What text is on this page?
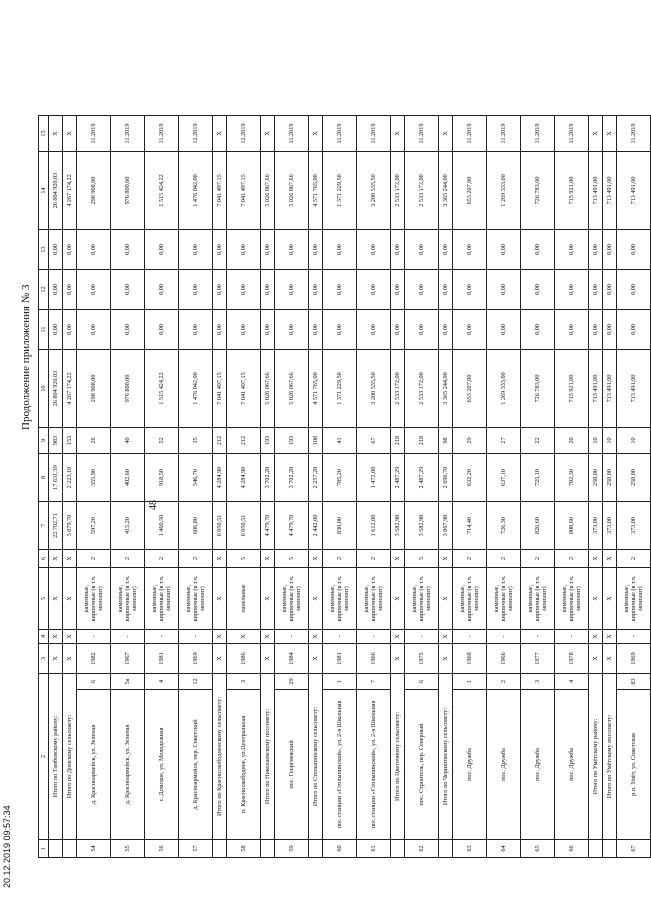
Продолжение приложения № 3
48
1	2		3	4	5	6	7	8	9	10	11	12	13	14	15
	Итого по Тамбовскому району:		X	X	X	X	22 702,71	17 631,39	983	26 804 920,03	0,00	0,00	0,00	26 804 920,03	X
	Итого по Домскому сельсовету:		X	X	X	X	3 079,70	2 223,10	153	4 267 174,22	0,00	0,00	0,00	4 267 174,22	X
54	д. Красноармейск, ул. Зеленая	6	1982	-	каменные, кирпичные (в т.ч. монолит)	2	597,20	355,90	26	298 908,00	0,00	0,00	0,00	298 908,00	11.2019
55	д. Красноармейск, ул. Зеленая	5а	1967	-	каменные, кирпичные (в т.ч. монолит)	2	415,20	402,60	40	976 800,00	0,00	0,00	0,00	976 800,00	11.2019
56	с. Домское, ул. Молодежная	4	1981	-	каменные, кирпичные (в т.ч. монолит)	2	1 460,50	918,50	52	1 515 424,22	0,00	0,00	0,00	1 515 424,22	11.2019
57	д. Красноармейск, пер. Советский	12	1969	-	каменные, кирпичные (в т.ч. монолит)	2	606,80	546,70	35	1 476 042,00	0,00	0,00	0,00	1 476 042,00	12.2019
	Итого по Красносвободненскому сельсовету:		X	X	X	X	6 050,51	4 284,90	212	7 041 497,15	0,00	0,00	0,00	7 041 497,15	X
58	п. Красносвободное, ул.Центральная	3	1986	X	панельные	5	6 050,51	4 284,90	212	7 041 497,15	0,00	0,00	0,00	7 041 497,15	12.2019
	Итого по Николаевскому поссовету:		X	X	X	X	4 479,70	3 702,20	193	5 026 067,66	0,00	0,00	0,00	5 026 067,66	X
59	пос. Георгиевский	29	1984	-	каменные, кирпичные (в т.ч. монолит)	5	4 479,70	3 702,20	193	5 026 067,66	0,00	0,00	0,00	5 026 067,66	11.2019
	Итого по Столыпинскому сельсовету:		X	X	X	X	2 442,00	2 257,20	108	4 571 765,00	0,00	0,00	0,00	4 571 765,00	X
60	пос.станции «Столыпинский», ул. 2-я Школьная	1	1981	-	каменные, кирпичные (в т.ч. монолит)	2	830,00	785,20	41	1 371 229,50	0,00	0,00	0,00	1 371 229,50	11.2019
61	пос.станции «Столыпинский», ул. 2-я Школьная	7	1966	-	каменные, кирпичные (в т.ч. монолит)	2	1 612,00	1 472,00	67	3 200 535,50	0,00	0,00	0,00	3 200 535,50	11.2019
	Итого по Цветочному сельсовету:		X	X	X	X	3 582,90	2 487,29	218	2 533 172,00	0,00	0,00	0,00	2 533 172,00	X
62	пос. Строитель, пер. Северный	6	1975	-	каменные, кирпичные (в т.ч. монолит)	5	3 582,90	2 487,29	218	2 533 172,00	0,00	0,00	0,00	2 533 172,00	11.2019
	Итого по Черниговскому сельсовету:		X	X	X	X	3 067,90	2 696,70	98	3 365 244,00	0,00	0,00	0,00	3 365 244,00	X
63	пос. Дружба	1	1968	-	каменные, кирпичные (в т.ч. монолит)	2	714,40	632,20	29	653 207,00	0,00	0,00	0,00	653 207,00	11.2019
64	пос. Дружба	2	1966	-	каменные, кирпичные (в т.ч. монолит)	2	726,30	637,10	27	1 269 333,00	0,00	0,00	0,00	1 269 333,00	11.2019
65	пос. Дружба	3	1977	-	каменные, кирпичные (в т.ч. монолит)	2	826,60	725,10	22	726 783,00	0,00	0,00	0,00	726 783,00	11.2019
66	пос. Дружба	4	1978	-	каменные, кирпичные (в т.ч. монолит)	2	800,60	702,30	20	715 921,00	0,00	0,00	0,00	715 921,00	11.2019
	Итого по Умётскому району:		X	X	X	X	373,00	258,00	10	713 491,00	0,00	0,00	0,00	713 491,00	X
	Итого по Умётскому поссовету:		X	X	X	X	373,00	258,00	10	713 491,00	0,00	0,00	0,00	713 491,00	X
67	р.п. Умёт, ул. Советская	83	1969	-	каменные, кирпичные (в т.ч. монолит)	2	373,00	258,00	10	713 491,00	0,00	0,00	0,00	713 491,00	11.2019
20.12.2019 09:57:34
